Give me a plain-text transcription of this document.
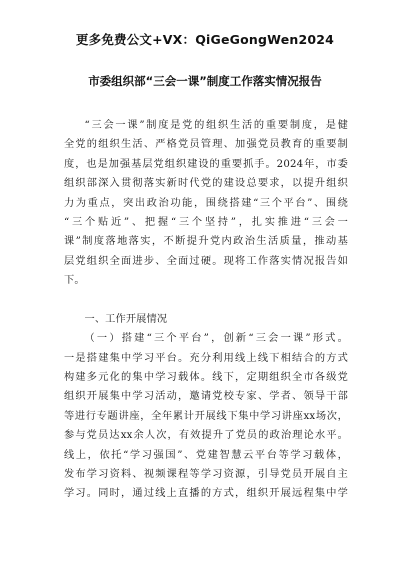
更多免费公文+VX：QiGeGongWen2024
市委组织部“三会一课”制度工作落实情况报告
“三会一课”制度是党的组织生活的重要制度，是健
全党的组织生活、严格党员管理、加强党员教育的重要制
度，也是加强基层党组织建设的重要抓手。2024年，市委
组织部深入贯彻落实新时代党的建设总要求，以提升组织
力为重点，突出政治功能，围绕搭建“三个平台”、围绕
“三个贴近”、把握“三个坚持”，扎实推进“三会一
课”制度落地落实，不断提升党内政治生活质量，推动基
层党组织全面进步、全面过硬。现将工作落实情况报告如
下。
一、工作开展情况
（一）搭建“三个平台”，创新“三会一课”形式。
一是搭建集中学习平台。充分利用线上线下相结合的方式
构建多元化的集中学习载体。线下，定期组织全市各级党
组织开展集中学习活动，邀请党校专家、学者、领导干部
等进行专题讲座，全年累计开展线下集中学习讲座xx场次，
参与党员达xx余人次，有效提升了党员的政治理论水平。
线上，依托“学习强国”、党建智慧云平台等学习载体，
发布学习资料、视频课程等学习资源，引导党员开展自主
学习。同时，通过线上直播的方式，组织开展远程集中学
